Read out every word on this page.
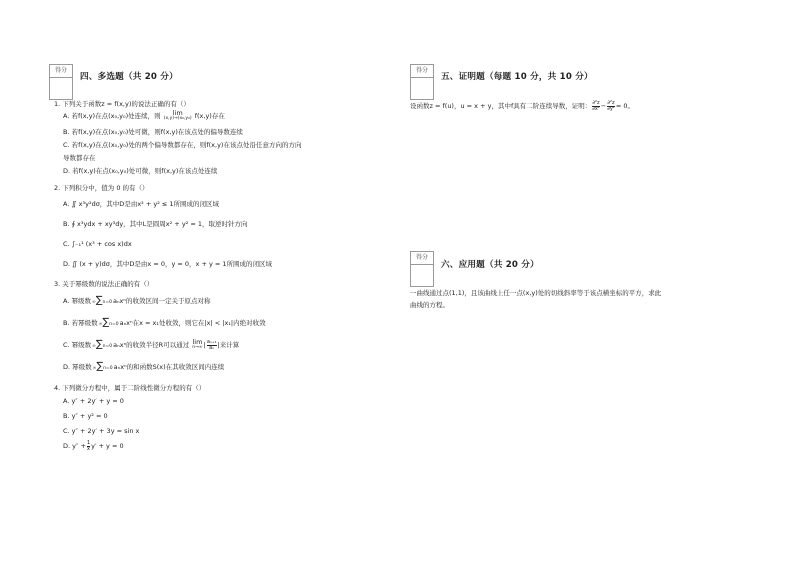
得分
四、多选题（共 20 分）
1. 下列关于函数z = f(x,y)的说法正确的有（）
A. 若f(x,y)在点(x₀,y₀)处连续，则	lim
(x,y)→(x₀,y₀) f(x,y)存在
B. 若f(x,y)在点(x₀,y₀)处可微，则f(x,y)在该点处的偏导数连续
C. 若f(x,y)在点(x₀,y₀)处的两个偏导数都存在，则f(x,y)在该点处沿任意方向的方向
导数都存在
D. 若f(x,y)在点(x₀,y₀)处可微，则f(x,y)在该点处连续
2. 下列积分中，值为 0 的有（）
A. ∬ x³y²dσ，其中D是由x² + y² ≤ 1所围成的闭区域
B. ∮ x³ydx + xy³dy，其中L是圆周x² + y² = 1，取逆时针方向
C. ∫₋₁¹ (x³ + cos x)dx
D. ∬ (x + y)dσ，其中D是由x = 0，y = 0，x + y = 1所围成的闭区域
3. 关于幂级数的说法正确的有（）
A. 幂级数∞∑n=0aₙxⁿ的收敛区间一定关于原点对称
B. 若幂级数∞∑n=0aₙxⁿ在x = x₁处收敛，则它在|x| < |x₁|内绝对收敛
C. 幂级数∞∑n=0aₙxⁿ的收敛半径R可以通过 lim
n→∞ | $\frac{\text{aₙ₊₁}}{\text{aₙ}}$ |来计算
D. 幂级数∞∑n=0aₙxⁿ的和函数S(x)在其收敛区间内连续
4. 下列微分方程中，属于二阶线性微分方程的有（）
A. y″ + 2y′ + y = 0
B. y″ + y² = 0
C. y″ + 2y′ + 3y = sin x
D. $y'' + \frac{1}{x} y' + y = 0$
得分
五、证明题（每题 10 分，共 10 分）
设函数z = f(u)，u = x + y，其中f具有二阶连续导数，证明： $\frac{\text{∂²z}}{\text{∂x²}} - \frac{\text{∂²z}}{\text{∂y²}} = 0$。
得分
六、应用题（共 20 分）
一曲线通过点(1,1)，且该曲线上任一点(x,y)处的切线斜率等于该点横坐标的平方，求此
曲线的方程。
